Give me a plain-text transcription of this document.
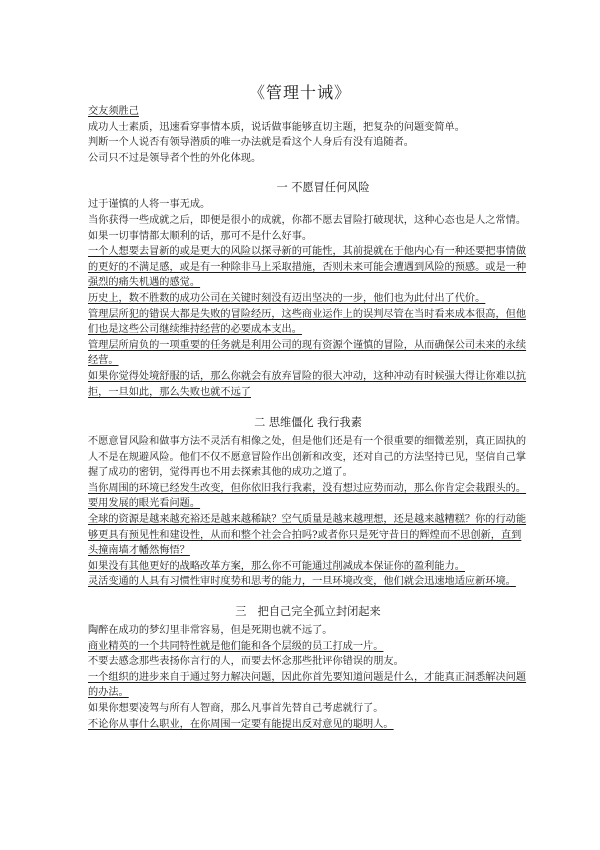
《管理十诫》

交友须胜己

成功人士素质，迅速看穿事情本质，说话做事能够直切主题，把复杂的问题变简单。

判断一个人说否有领导潜质的唯一办法就是看这个人身后有没有追随者。

公司只不过是领导者个性的外化体现。

一 不愿冒任何风险

过于谨慎的人将一事无成。

当你获得一些成就之后，即便是很小的成就，你都不愿去冒险打破现状，这种心态也是人之常情。

如果一切事情都太顺利的话，那可不是什么好事。

一个人想要去冒新的或是更大的风险以探寻新的可能性，其前提就在于他内心有一种还要把事情做的更好的不满足感，或是有一种除非马上采取措施，否则未来可能会遭遇到风险的预感。或是一种强烈的痛失机遇的感觉。

历史上，数不胜数的成功公司在关键时刻没有迈出坚决的一步，他们也为此付出了代价。

管理层所犯的错误大都是失败的冒险经历，这些商业运作上的误判尽管在当时看来成本很高，但他们也是这些公司继续维持经营的必要成本支出。

管理层所肩负的一项重要的任务就是利用公司的现有资源个谨慎的冒险，从而确保公司未来的永续经营。

如果你觉得处境舒服的话，那么你就会有放弃冒险的很大冲动，这种冲动有时候强大得让你难以抗拒，一旦如此，那么失败也就不远了

二 思维僵化 我行我素

不愿意冒风险和做事方法不灵活有相像之处，但是他们还是有一个很重要的细微差别，真正固执的人不是在规避风险。他们不仅不愿意冒险作出创新和改变，还对自己的方法坚持已见，坚信自己掌握了成功的密钥，觉得再也不用去探索其他的成功之道了。

当你周围的环境已经发生改变，但你依旧我行我素，没有想过应势而动，那么你肯定会栽跟头的。要用发展的眼光看问题。

全球的资源是越来越充裕还是越来越稀缺？空气质量是越来越理想，还是越来越糟糕？你的行动能够更具有预见性和建设性，从而和整个社会合拍吗?或者你只是死守昔日的辉煌而不思创新，直到头撞南墙才幡然悔悟？

如果没有其他更好的战略改革方案，那么你不可能通过削减成本保证你的盈利能力。

灵活变通的人具有习惯性审时度势和思考的能力，一旦环境改变，他们就会迅速地适应新环境。

三　把自己完全孤立封闭起来

陶醉在成功的梦幻里非常容易，但是死期也就不远了。

商业精英的一个共同特性就是他们能和各个层级的员工打成一片。

不要去感念那些表扬你言行的人，而要去怀念那些批评你错误的朋友。

一个组织的进步来自于通过努力解决问题，因此你首先要知道问题是什么，才能真正洞悉解决问题的办法。

如果你想要凌驾与所有人智商，那么凡事首先替自己考虑就行了。

不论你从事什么职业，在你周围一定要有能提出反对意见的聪明人。
